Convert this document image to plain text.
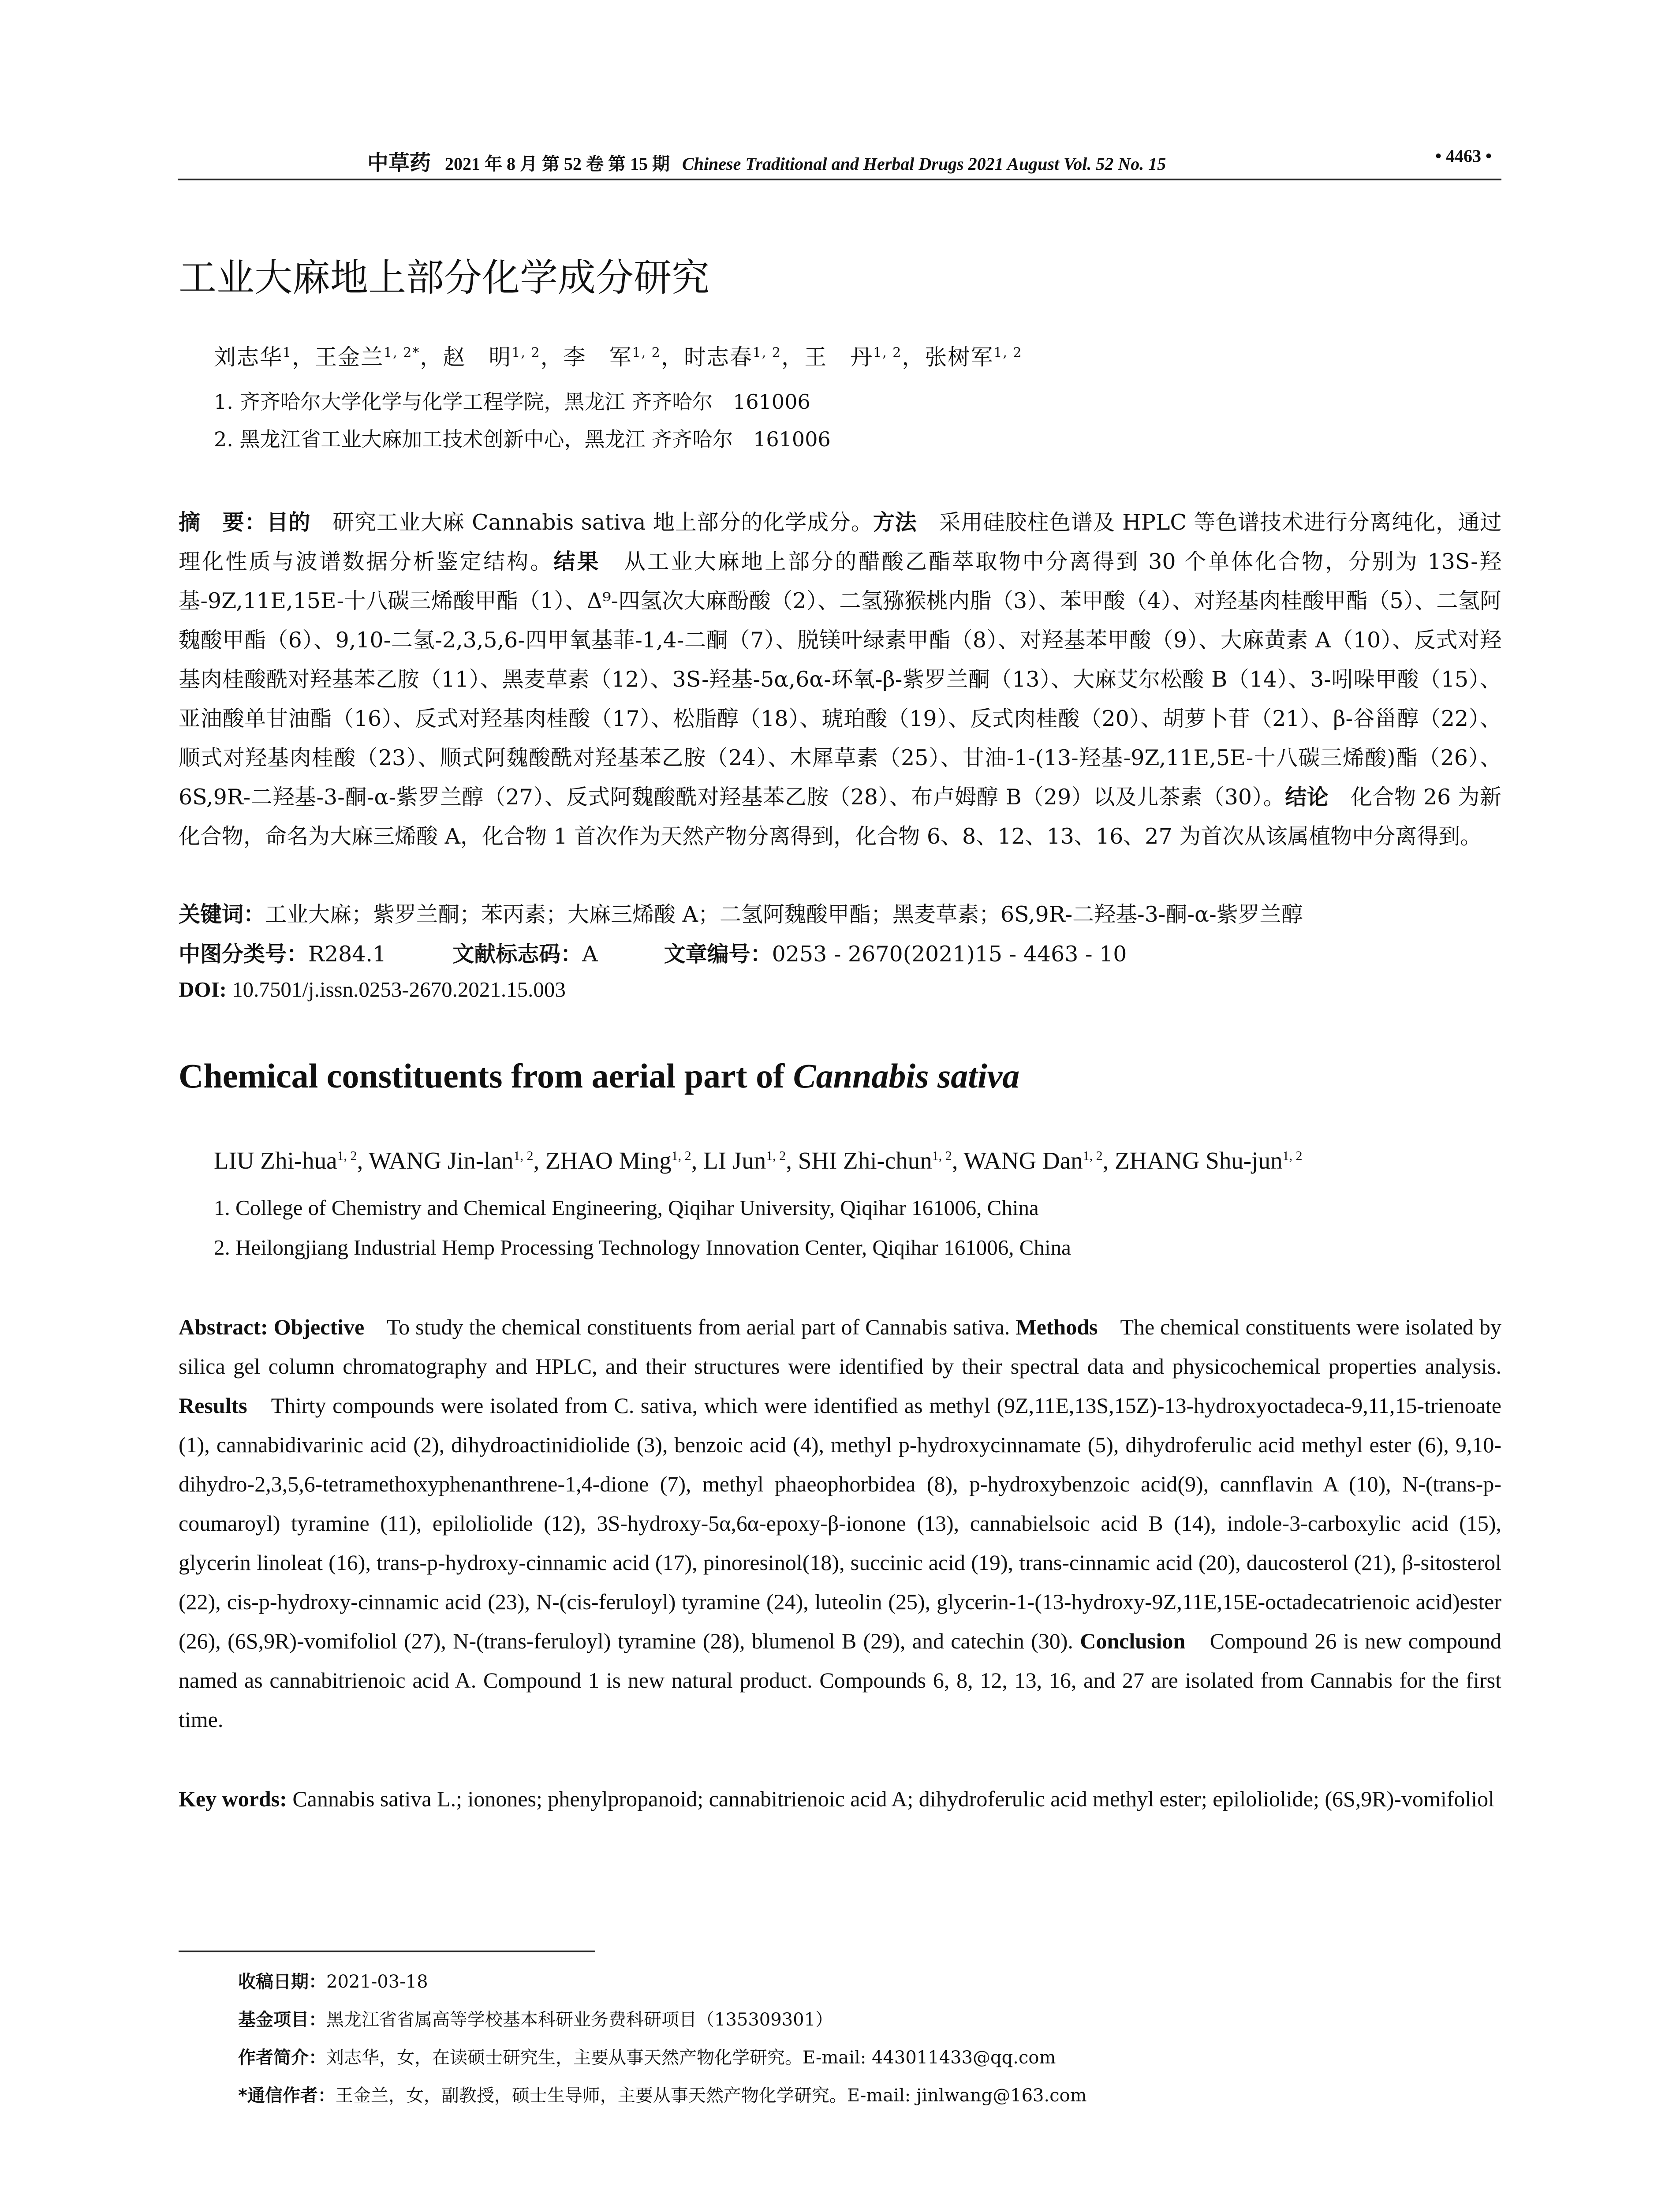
中草药 2021 年 8 月 第 52 卷 第 15 期 Chinese Traditional and Herbal Drugs 2021 August Vol. 52 No. 15	• 4463 •
工业大麻地上部分化学成分研究
刘志华$^1$，王金兰$^{1, 2*}$，赵　明$^{1, 2}$，李　军$^{1, 2}$，时志春$^{1, 2}$，王　丹$^{1, 2}$，张树军$^{1, 2}$
1. 齐齐哈尔大学化学与化学工程学院，黑龙江 齐齐哈尔　161006
2. 黑龙江省工业大麻加工技术创新中心，黑龙江 齐齐哈尔　161006
摘　要：目的　研究工业大麻 Cannabis sativa 地上部分的化学成分。方法　采用硅胶柱色谱及 HPLC 等色谱技术进行分离纯化，通过理化性质与波谱数据分析鉴定结构。结果　从工业大麻地上部分的醋酸乙酯萃取物中分离得到 30 个单体化合物，分别为 13S-羟基-9Z,11E,15E-十八碳三烯酸甲酯（1）、Δ⁹-四氢次大麻酚酸（2）、二氢猕猴桃内脂（3）、苯甲酸（4）、对羟基肉桂酸甲酯（5）、二氢阿魏酸甲酯（6）、9,10-二氢-2,3,5,6-四甲氧基菲-1,4-二酮（7）、脱镁叶绿素甲酯（8）、对羟基苯甲酸（9）、大麻黄素 A（10）、反式对羟基肉桂酸酰对羟基苯乙胺（11）、黑麦草素（12）、3S-羟基-5α,6α-环氧-β-紫罗兰酮（13）、大麻艾尔松酸 B（14）、3-吲哚甲酸（15）、亚油酸单甘油酯（16）、反式对羟基肉桂酸（17）、松脂醇（18）、琥珀酸（19）、反式肉桂酸（20）、胡萝卜苷（21）、β-谷甾醇（22）、顺式对羟基肉桂酸（23）、顺式阿魏酸酰对羟基苯乙胺（24）、木犀草素（25）、甘油-1-(13-羟基-9Z,11E,5E-十八碳三烯酸)酯（26）、6S,9R-二羟基-3-酮-α-紫罗兰醇（27）、反式阿魏酸酰对羟基苯乙胺（28）、布卢姆醇 B（29）以及儿茶素（30）。结论　化合物 26 为新化合物，命名为大麻三烯酸 A，化合物 1 首次作为天然产物分离得到，化合物 6、8、12、13、16、27 为首次从该属植物中分离得到。
关键词：工业大麻；紫罗兰酮；苯丙素；大麻三烯酸 A；二氢阿魏酸甲酯；黑麦草素；6S,9R-二羟基-3-酮-α-紫罗兰醇
中图分类号：R284.1	文献标志码：A	文章编号：0253 - 2670(2021)15 - 4463 - 10
DOI: 10.7501/j.issn.0253-2670.2021.15.003
Chemical constituents from aerial part of Cannabis sativa
LIU Zhi-hua$^{1, 2}$, WANG Jin-lan$^{1, 2}$, ZHAO Ming$^{1, 2}$, LI Jun$^{1, 2}$, SHI Zhi-chun$^{1, 2}$, WANG Dan$^{1, 2}$, ZHANG Shu-jun$^{1, 2}$
1. College of Chemistry and Chemical Engineering, Qiqihar University, Qiqihar 161006, China
2. Heilongjiang Industrial Hemp Processing Technology Innovation Center, Qiqihar 161006, China
Abstract: Objective　To study the chemical constituents from aerial part of Cannabis sativa. Methods　The chemical constituents were isolated by silica gel column chromatography and HPLC, and their structures were identified by their spectral data and physicochemical properties analysis. Results　Thirty compounds were isolated from C. sativa, which were identified as methyl (9Z,11E,13S,15Z)-13-hydroxyoctadeca-9,11,15-trienoate (1), cannabidivarinic acid (2), dihydroactinidiolide (3), benzoic acid (4), methyl p-hydroxycinnamate (5), dihydroferulic acid methyl ester (6), 9,10-dihydro-2,3,5,6-tetramethoxyphenanthrene-1,4-dione (7), methyl phaeophorbidea (8), p-hydroxybenzoic acid(9), cannflavin A (10), N-(trans-p-coumaroyl) tyramine (11), epiloliolide (12), 3S-hydroxy-5α,6α-epoxy-β-ionone (13), cannabielsoic acid B (14), indole-3-carboxylic acid (15), glycerin linoleat (16), trans-p-hydroxy-cinnamic acid (17), pinoresinol(18), succinic acid (19), trans-cinnamic acid (20), daucosterol (21), β-sitosterol (22), cis-p-hydroxy-cinnamic acid (23), N-(cis-feruloyl) tyramine (24), luteolin (25), glycerin-1-(13-hydroxy-9Z,11E,15E-octadecatrienoic acid)ester (26), (6S,9R)-vomifoliol (27), N-(trans-feruloyl) tyramine (28), blumenol B (29), and catechin (30). Conclusion　Compound 26 is new compound named as cannabitrienoic acid A. Compound 1 is new natural product. Compounds 6, 8, 12, 13, 16, and 27 are isolated from Cannabis for the first time.
Key words: Cannabis sativa L.; ionones; phenylpropanoid; cannabitrienoic acid A; dihydroferulic acid methyl ester; epiloliolide; (6S,9R)-vomifoliol
收稿日期：2021-03-18
基金项目：黑龙江省省属高等学校基本科研业务费科研项目（135309301）
作者简介：刘志华，女，在读硕士研究生，主要从事天然产物化学研究。E-mail: 443011433@qq.com
*通信作者：王金兰，女，副教授，硕士生导师，主要从事天然产物化学研究。E-mail: jinlwang@163.com
